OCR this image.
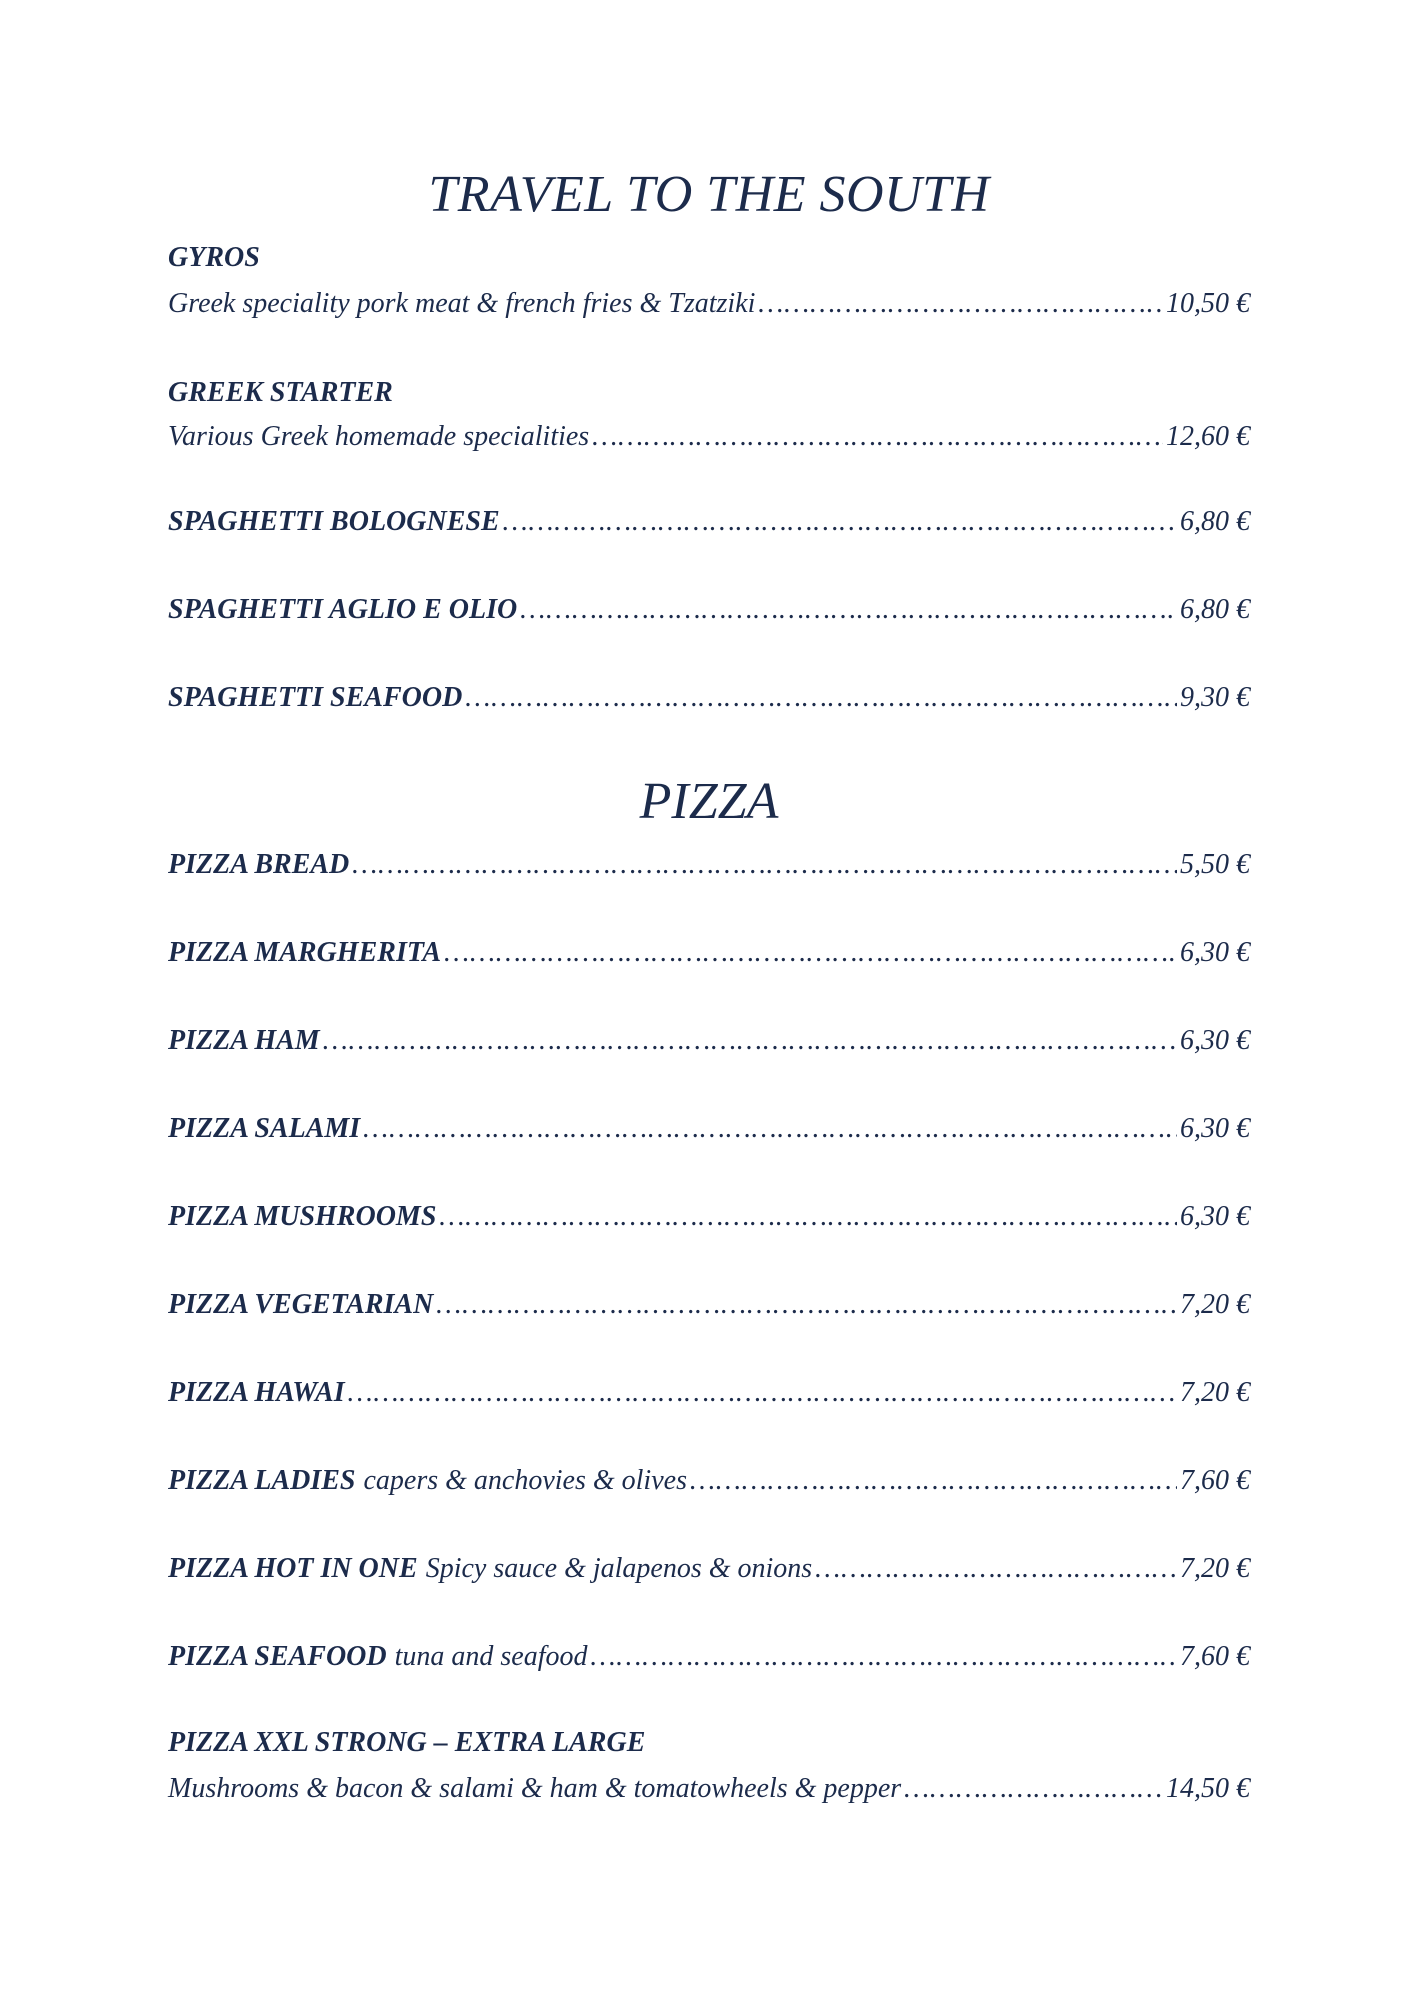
TRAVEL TO THE SOUTH
GYROS
Greek speciality pork meat & french fries & Tzatziki ……………………………………………………………………………………………………………………………………………………………………	10,50 €
GREEK STARTER
Various Greek homemade specialities ……………………………………………………………………………………………………………………………………………………………………	12,60 €
SPAGHETTI BOLOGNESE ……………………………………………………………………………………………………………………………………………………………………	6,80 €
SPAGHETTI AGLIO E OLIO ……………………………………………………………………………………………………………………………………………………………………	6,80 €
SPAGHETTI SEAFOOD ……………………………………………………………………………………………………………………………………………………………………	9,30 €
PIZZA
PIZZA BREAD ……………………………………………………………………………………………………………………………………………………………………	5,50 €
PIZZA MARGHERITA ……………………………………………………………………………………………………………………………………………………………………	6,30 €
PIZZA HAM ……………………………………………………………………………………………………………………………………………………………………	6,30 €
PIZZA SALAMI ……………………………………………………………………………………………………………………………………………………………………	6,30 €
PIZZA MUSHROOMS ……………………………………………………………………………………………………………………………………………………………………	6,30 €
PIZZA VEGETARIAN ……………………………………………………………………………………………………………………………………………………………………	7,20 €
PIZZA HAWAI ……………………………………………………………………………………………………………………………………………………………………	7,20 €
PIZZA LADIES capers & anchovies & olives ……………………………………………………………………………………………………………………………………………………………………	7,60 €
PIZZA HOT IN ONE Spicy sauce & jalapenos & onions ……………………………………………………………………………………………………………………………………………………………………	7,20 €
PIZZA SEAFOOD tuna and seafood ……………………………………………………………………………………………………………………………………………………………………	7,60 €
PIZZA XXL STRONG – EXTRA LARGE
Mushrooms & bacon & salami & ham & tomatowheels & pepper ……………………………………………………………………………………………………………………………………………………………………	14,50 €
